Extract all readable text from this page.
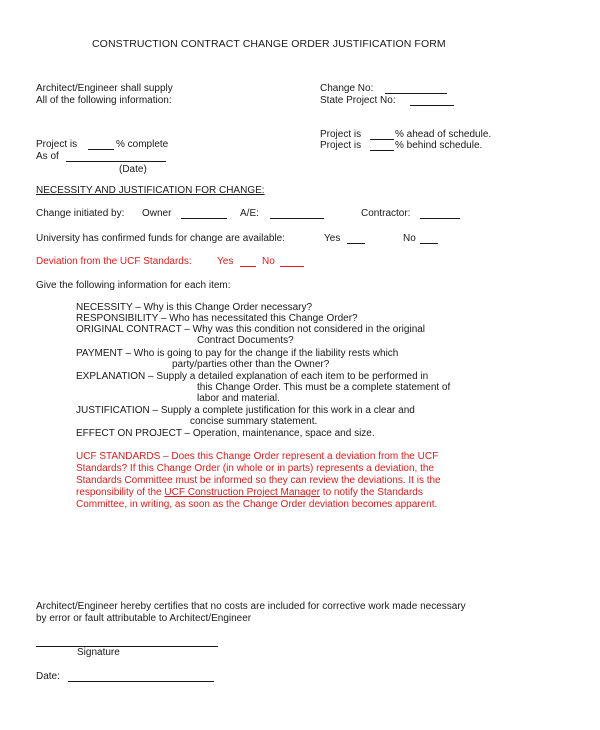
CONSTRUCTION CONTRACT CHANGE ORDER JUSTIFICATION FORM
Architect/Engineer shall supply
All of the following information:
Change No:
State Project No:
Project is	% ahead of schedule.
Project is	% behind schedule.
Project is	% complete
As of
(Date)
NECESSITY AND JUSTIFICATION FOR CHANGE:
Change initiated by: Owner	A/E:	Contractor:
University has confirmed funds for change are available:	Yes	No
Deviation from the UCF Standards:	Yes	No
Give the following information for each item:
NECESSITY – Why is this Change Order necessary?
RESPONSIBILITY – Who has necessitated this Change Order?
ORIGINAL CONTRACT – Why was this condition not considered in the original
Contract Documents?
PAYMENT – Who is going to pay for the change if the liability rests which
party/parties other than the Owner?
EXPLANATION – Supply a detailed explanation of each item to be performed in
this Change Order. This must be a complete statement of
labor and material.
JUSTIFICATION – Supply a complete justification for this work in a clear and
concise summary statement.
EFFECT ON PROJECT – Operation, maintenance, space and size.
UCF STANDARDS – Does this Change Order represent a deviation from the UCF
Standards? If this Change Order (in whole or in parts) represents a deviation, the
Standards Committee must be informed so they can review the deviations. It is the
responsibility of the UCF Construction Project Manager to notify the Standards
Committee, in writing, as soon as the Change Order deviation becomes apparent.
Architect/Engineer hereby certifies that no costs are included for corrective work made necessary
by error or fault attributable to Architect/Engineer
Signature
Date:
